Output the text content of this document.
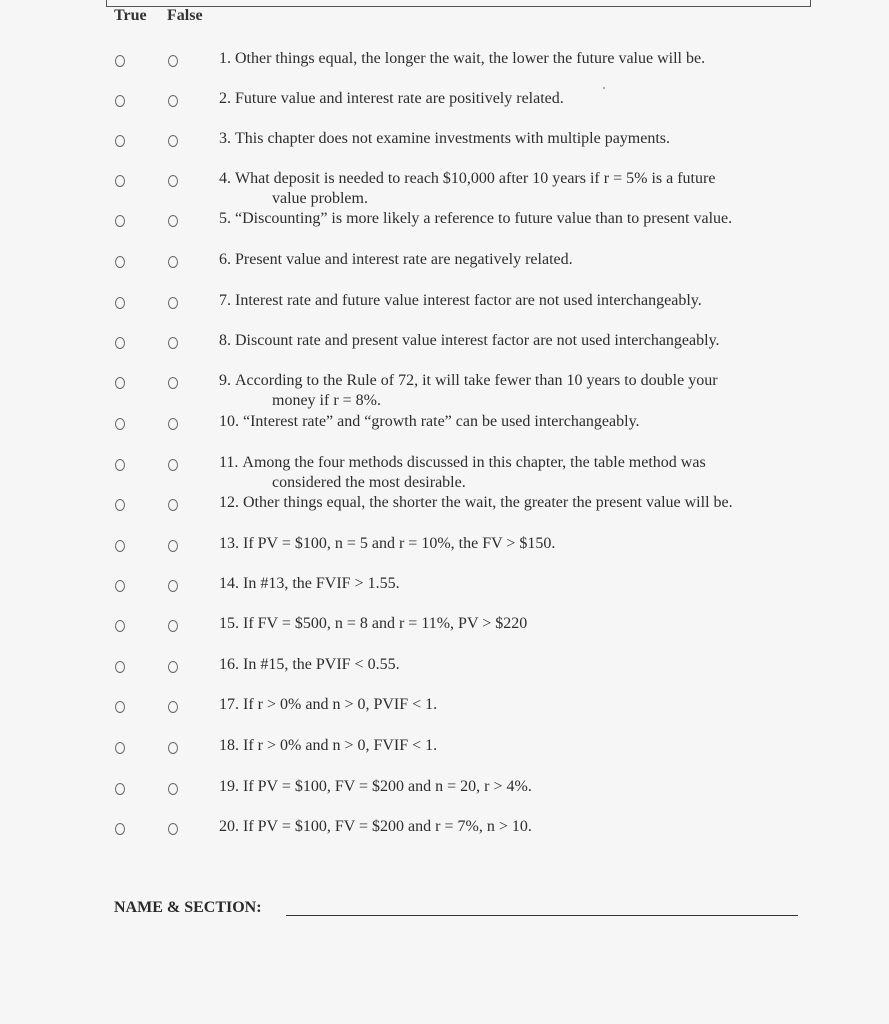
True False
1. Other things equal, the longer the wait, the lower the future value will be.
2. Future value and interest rate are positively related.
3. This chapter does not examine investments with multiple payments.
4. What deposit is needed to reach $10,000 after 10 years if r = 5% is a future
value problem.
5. “Discounting” is more likely a reference to future value than to present value.
6. Present value and interest rate are negatively related.
7. Interest rate and future value interest factor are not used interchangeably.
8. Discount rate and present value interest factor are not used interchangeably.
9. According to the Rule of 72, it will take fewer than 10 years to double your
money if r = 8%.
10. “Interest rate” and “growth rate” can be used interchangeably.
11. Among the four methods discussed in this chapter, the table method was
considered the most desirable.
12. Other things equal, the shorter the wait, the greater the present value will be.
13. If PV = $100, n = 5 and r = 10%, the FV > $150.
14. In #13, the FVIF > 1.55.
15. If FV = $500, n = 8 and r = 11%, PV > $220
16. In #15, the PVIF < 0.55.
17. If r > 0% and n > 0, PVIF < 1.
18. If r > 0% and n > 0, FVIF < 1.
19. If PV = $100, FV = $200 and n = 20, r > 4%.
20. If PV = $100, FV = $200 and r = 7%, n > 10.
NAME & SECTION:
